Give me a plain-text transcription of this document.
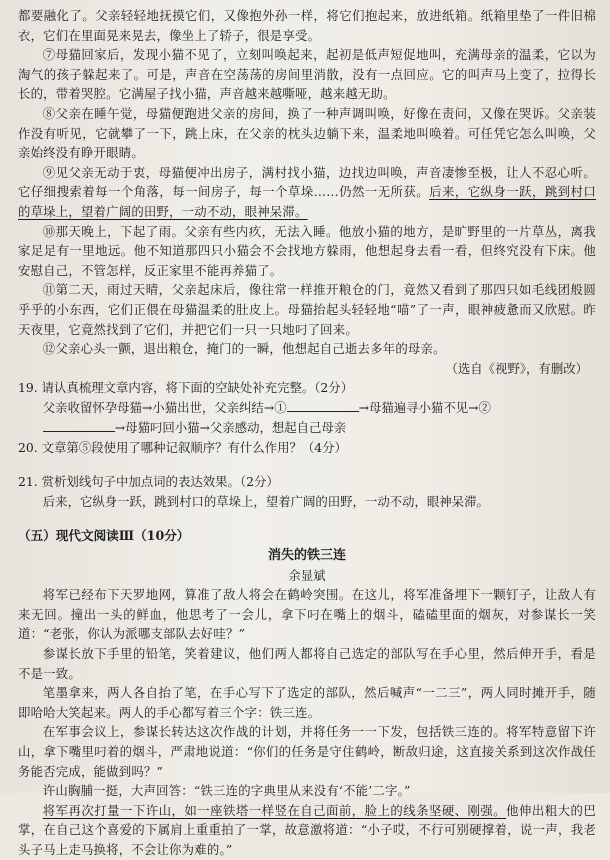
都要融化了。父亲轻轻地抚摸它们，又像抱外孙一样，将它们抱起来，放进纸箱。纸箱里垫了一件旧棉衣，它们在里面晃来晃去，像坐上了轿子，很是享受。

⑦母猫回家后，发现小猫不见了，立刻叫唤起来，起初是低声短促地叫，充满母亲的温柔，它以为淘气的孩子躲起来了。可是，声音在空荡荡的房间里消散，没有一点回应。它的叫声马上变了，拉得长长的，带着哭腔。它满屋子找小猫，声音越来越嘶哑，越来越无助。

⑧父亲在睡午觉，母猫便跑进父亲的房间，换了一种声调叫唤，好像在责问，又像在哭诉。父亲装作没有听见，它就攀了一下，跳上床，在父亲的枕头边躺下来，温柔地叫唤着。可任凭它怎么叫唤，父亲始终没有睁开眼睛。

⑨见父亲无动于衷，母猫便冲出房子，满村找小猫，边找边叫唤，声音凄惨至极，让人不忍心听。它仔细搜索着每一个角落，每一间房子，每一个草垛……仍然一无所获。后来，它纵身一跃，跳到村口的草垛上，望着广阔的田野，一动不动，眼神呆滞。

⑩那天晚上，下起了雨。父亲有些内疚，无法入睡。他放小猫的地方，是旷野里的一片草丛，离我家足足有一里地远。他不知道那四只小猫会不会找地方躲雨，他想起身去看一看，但终究没有下床。他安慰自己，不管怎样，反正家里不能再养猫了。

⑪第二天，雨过天晴，父亲起床后，像往常一样推开粮仓的门，竟然又看到了那四只如毛线团般圆乎乎的小东西，它们正偎在母猫温柔的肚皮上。母猫抬起头轻轻地“喵”了一声，眼神疲惫而又欣慰。昨天夜里，它竟然找到了它们，并把它们一只一只地叼了回来。

⑫父亲心头一颤，退出粮仓，掩门的一瞬，他想起自己逝去多年的母亲。

（选自《视野》，有删改）

19. 请认真梳理文章内容，将下面的空缺处补充完整。（2分）

父亲收留怀孕母猫→小猫出世，父亲纠结→①	→母猫遍寻小猫不见→②

→母猫叼回小猫→父亲感动，想起自己母亲

20. 文章第⑤段使用了哪种记叙顺序？有什么作用？（4分）

21. 赏析划线句子中加点词的表达效果。（2分）

后来，它纵身一跃，跳到村口的草垛上，望着广阔的田野，一动不动，眼神呆滞。

（五）现代文阅读Ⅲ（10分）

消失的铁三连

余显斌

将军已经布下天罗地网，算准了敌人将会在鹤岭突围。在这儿，将军准备埋下一颗钉子，让敌人有来无回。撞出一头的鲜血，他思考了一会儿，拿下叼在嘴上的烟斗，磕磕里面的烟灰，对参谋长一笑道：“老张，你认为派哪支部队去好哇？”

参谋长放下手里的铅笔，笑着建议，他们两人都将自己选定的部队写在手心里，然后伸开手，看是不是一致。

笔墨拿来，两人各自抬了笔，在手心写下了选定的部队，然后喊声“一二三”，两人同时摊开手，随即哈哈大笑起来。两人的手心都写着三个字：铁三连。

在军事会议上，参谋长转达这次作战的计划，并将任务一一下发，包括铁三连的。将军特意留下许山，拿下嘴里叼着的烟斗，严肃地说道：“你们的任务是守住鹤岭，断敌归途，这直接关系到这次作战任务能否完成，能做到吗？”

许山胸脯一挺，大声回答：“铁三连的字典里从来没有‘不能’二字。”

将军再次打量一下许山，如一座铁塔一样竖在自己面前，脸上的线条坚硬、刚强。他伸出粗大的巴掌，在自己这个喜爱的下属肩上重重拍了一掌，故意激将道：“小子哎，不行可别硬撑着，说一声，我老头子马上走马换将，不会让你为难的。”
